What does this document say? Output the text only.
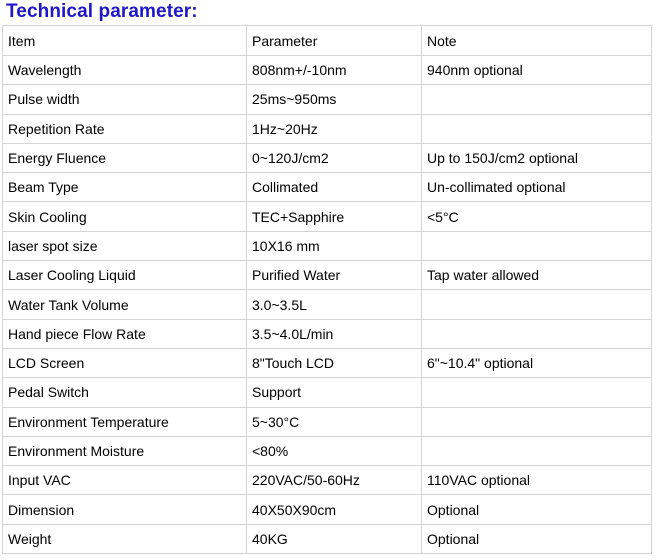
Technical parameter:
Item	Parameter	Note
Wavelength	808nm+/-10nm	940nm optional
Pulse width	25ms~950ms	
Repetition Rate	1Hz~20Hz	
Energy Fluence	0~120J/cm2	Up to 150J/cm2 optional
Beam Type	Collimated	Un-collimated optional
Skin Cooling	TEC+Sapphire	<5°C
laser spot size	10X16 mm	
Laser Cooling Liquid	Purified Water	Tap water allowed
Water Tank Volume	3.0~3.5L	
Hand piece Flow Rate	3.5~4.0L/min	
LCD Screen	8"Touch LCD	6"~10.4" optional
Pedal Switch	Support	
Environment Temperature	5~30°C	
Environment Moisture	<80%	
Input VAC	220VAC/50-60Hz	110VAC optional
Dimension	40X50X90cm	Optional
Weight	40KG	Optional
